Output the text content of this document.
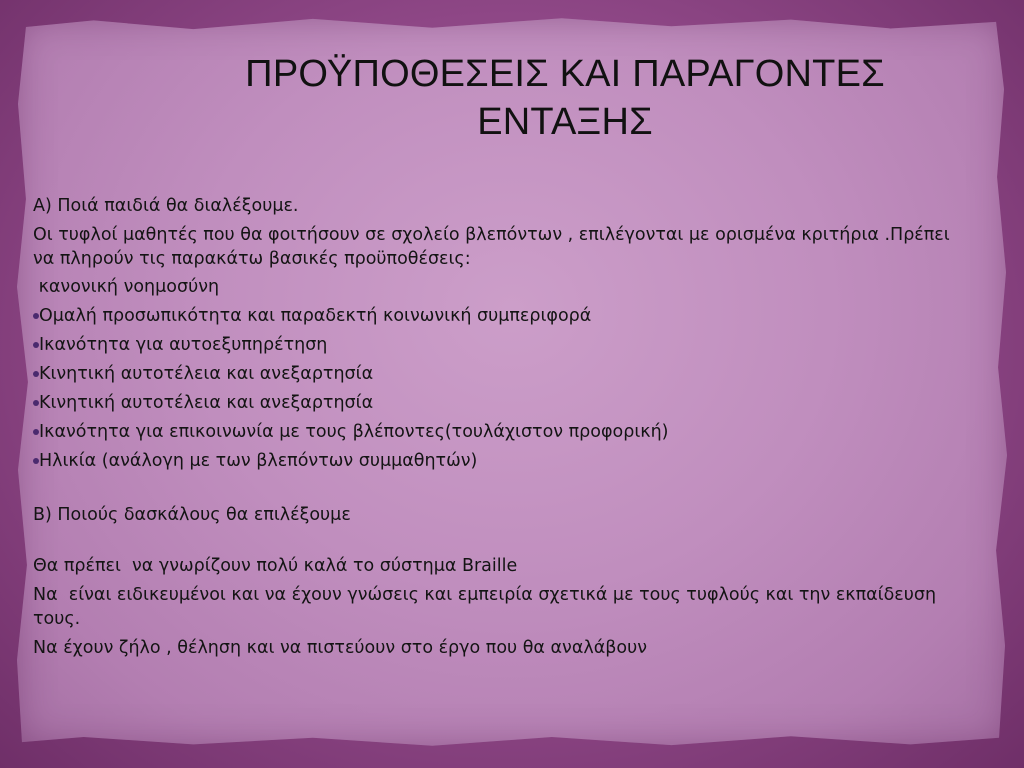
ΠΡΟΫΠΟΘΕΣΕΙΣ ΚΑΙ ΠΑΡΑΓΟΝΤΕΣ
ΕΝΤΑΞΗΣ

Α) Ποιά παιδιά θα διαλέξουμε.

Οι τυφλοί μαθητές που θα φοιτήσουν σε σχολείο βλεπόντων , επιλέγονται με ορισμένα κριτήρια .Πρέπει να πληρούν τις παρακάτω βασικές προϋποθέσεις:

κανονική νοημοσύνη

Ομαλή προσωπικότητα και παραδεκτή κοινωνική συμπεριφορά

Ικανότητα για αυτοεξυπηρέτηση

Κινητική αυτοτέλεια και ανεξαρτησία

Κινητική αυτοτέλεια και ανεξαρτησία

Ικανότητα για επικοινωνία με τους βλέποντες(τουλάχιστον προφορική)

Ηλικία (ανάλογη με των βλεπόντων συμμαθητών)

Β) Ποιούς δασκάλους θα επιλέξουμε

Θα πρέπει  να γνωρίζουν πολύ καλά το σύστημα Braille

Να  είναι ειδικευμένοι και να έχουν γνώσεις και εμπειρία σχετικά με τους τυφλούς και την εκπαίδευση τους.

Να έχουν ζήλο , θέληση και να πιστεύουν στο έργο που θα αναλάβουν
